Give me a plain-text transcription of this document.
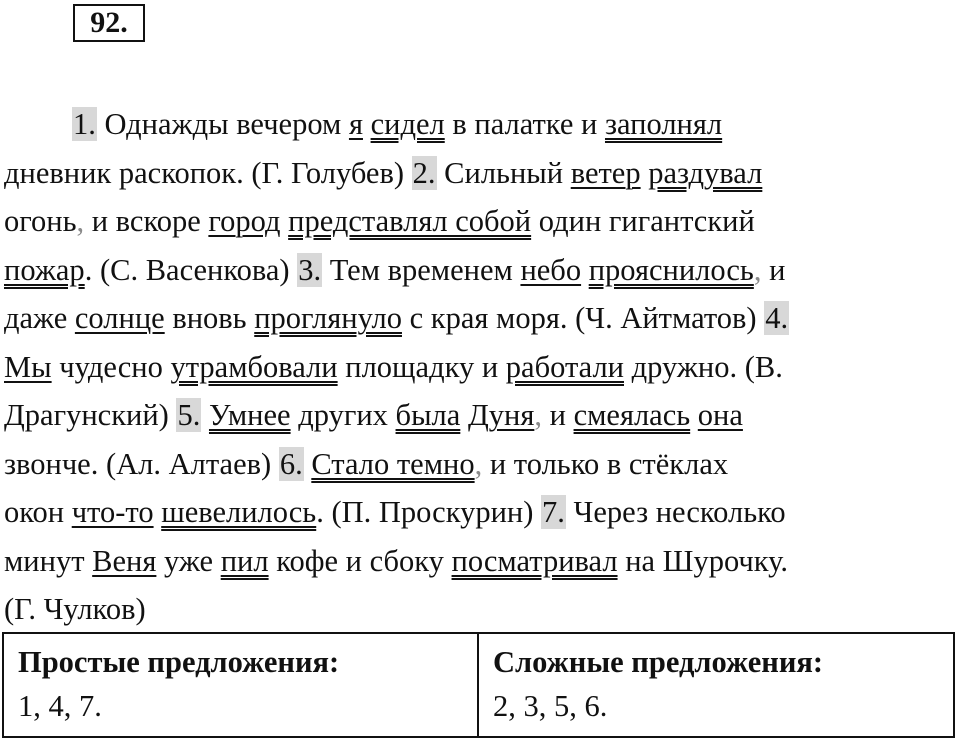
92.
1. Однажды вечером я сидел в палатке и заполнял
дневник раскопок. (Г. Голубев) 2. Сильный ветер раздувал
огонь, и вскоре город представлял собой один гигантский
пожар. (С. Васенкова) 3. Тем временем небо прояснилось, и
даже солнце вновь проглянуло с края моря. (Ч. Айтматов) 4.
Мы чудесно утрамбовали площадку и работали дружно. (В.
Драгунский) 5. Умнее других была Дуня, и смеялась она
звонче. (Ал. Алтаев) 6. Стало темно, и только в стёклах
окон что-то шевелилось. (П. Проскурин) 7. Через несколько
минут Веня уже пил кофе и сбоку посматривал на Шурочку.
(Г. Чулков)
Простые предложения:
1, 4, 7.

Сложные предложения:
2, 3, 5, 6.
